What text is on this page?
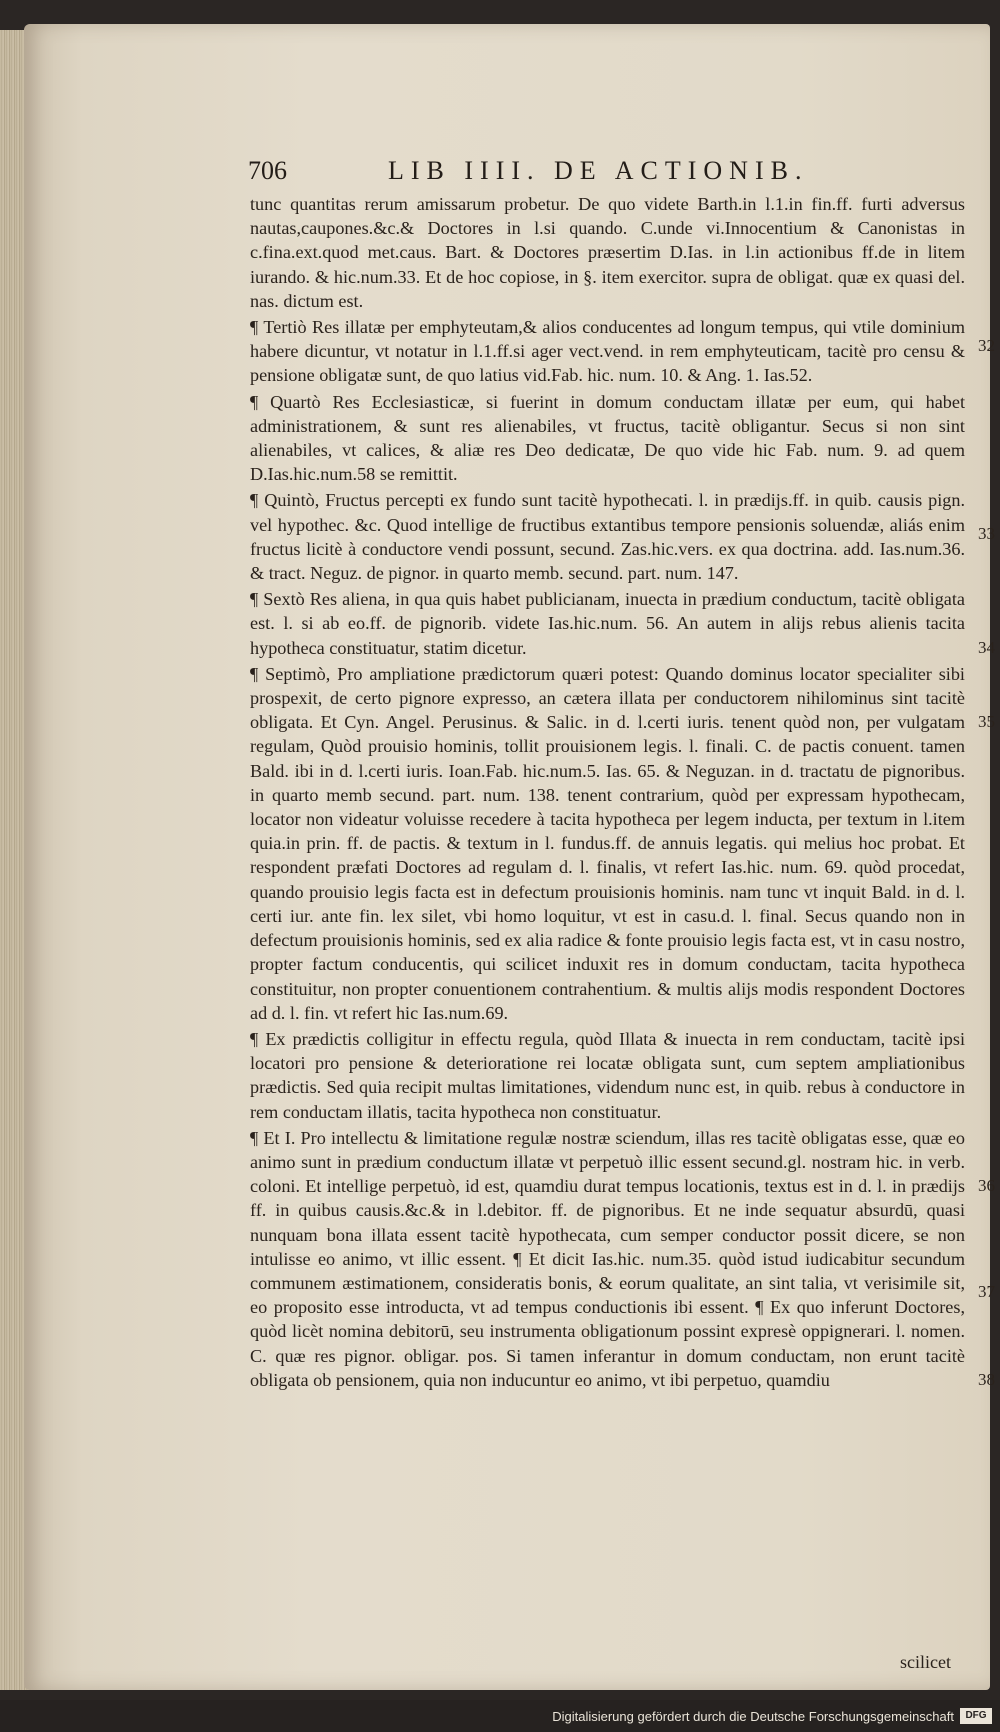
706	LIB IIII. DE ACTIONIB.

tunc quantitas rerum amissarum probetur. De quo videte Barth.in l.1.in fin.ff. furti adversus nautas,caupones.&c.& Doctores in l.si quando. C.unde vi.Innocentium & Canonistas in c.fina.ext.quod met.caus. Bart. & Doctores præsertim D.Ias. in l.in actionibus ff.de in litem iurando. & hic.num.33. Et de hoc copiose, in §. item exercitor. supra de obligat. quæ ex quasi del. nas. dictum est.

¶ Tertiò Res illatæ per emphyteutam,& alios conducentes ad longum tempus, qui vtile dominium habere dicuntur, vt notatur in l.1.ff.si ager vect.vend. in rem emphyteuticam, tacitè pro censu & pensione obligatæ sunt, de quo latius vid.Fab. hic. num. 10. & Ang. 1. Ias.52.

¶ Quartò Res Ecclesiasticæ, si fuerint in domum conductam illatæ per eum, qui habet administrationem, & sunt res alienabiles, vt fructus, tacitè obligantur. Secus si non sint alienabiles, vt calices, & aliæ res Deo dedicatæ, De quo vide hic Fab. num. 9. ad quem D.Ias.hic.num.58 se remittit.

¶ Quintò, Fructus percepti ex fundo sunt tacitè hypothecati. l. in prædijs.ff. in quib. causis pign. vel hypothec. &c. Quod intellige de fructibus extantibus tempore pensionis soluendæ, aliás enim fructus licitè à conductore vendi possunt, secund. Zas.hic.vers. ex qua doctrina. add. Ias.num.36. & tract. Neguz. de pignor. in quarto memb. secund. part. num. 147.

¶ Sextò Res aliena, in qua quis habet publicianam, inuecta in prædium conductum, tacitè obligata est. l. si ab eo.ff. de pignorib. videte Ias.hic.num. 56. An autem in alijs rebus alienis tacita hypotheca constituatur, statim dicetur.

¶ Septimò, Pro ampliatione prædictorum quæri potest: Quando dominus locator specialiter sibi prospexit, de certo pignore expresso, an cætera illata per conductorem nihilominus sint tacitè obligata. Et Cyn. Angel. Perusinus. & Salic. in d. l.certi iuris. tenent quòd non, per vulgatam regulam, Quòd prouisio hominis, tollit prouisionem legis. l. finali. C. de pactis conuent. tamen Bald. ibi in d. l.certi iuris. Ioan.Fab. hic.num.5. Ias. 65. & Neguzan. in d. tractatu de pignoribus. in quarto memb secund. part. num. 138. tenent contrarium, quòd per expressam hypothecam, locator non videatur voluisse recedere à tacita hypotheca per legem inducta, per textum in l.item quia.in prin. ff. de pactis. & textum in l. fundus.ff. de annuis legatis. qui melius hoc probat. Et respondent præfati Doctores ad regulam d. l. finalis, vt refert Ias.hic. num. 69. quòd procedat, quando prouisio legis facta est in defectum prouisionis hominis. nam tunc vt inquit Bald. in d. l. certi iur. ante fin. lex silet, vbi homo loquitur, vt est in casu.d. l. final. Secus quando non in defectum prouisionis hominis, sed ex alia radice & fonte prouisio legis facta est, vt in casu nostro, propter factum conducentis, qui scilicet induxit res in domum conductam, tacita hypotheca constituitur, non propter conuentionem contrahentium. & multis alijs modis respondent Doctores ad d. l. fin. vt refert hic Ias.num.69.

¶ Ex prædictis colligitur in effectu regula, quòd Illata & inuecta in rem conductam, tacitè ipsi locatori pro pensione & deterioratione rei locatæ obligata sunt, cum septem ampliationibus prædictis. Sed quia recipit multas limitationes, videndum nunc est, in quib. rebus à conductore in rem conductam illatis, tacita hypotheca non constituatur.

¶ Et I. Pro intellectu & limitatione regulæ nostræ sciendum, illas res tacitè obligatas esse, quæ eo animo sunt in prædium conductum illatæ vt perpetuò illic essent secund.gl. nostram hic. in verb. coloni. Et intellige perpetuò, id est, quamdiu durat tempus locationis, textus est in d. l. in prædijs ff. in quibus causis.&c.& in l.debitor. ff. de pignoribus. Et ne inde sequatur absurdū, quasi nunquam bona illata essent tacitè hypothecata, cum semper conductor possit dicere, se non intulisse eo animo, vt illic essent. ¶ Et dicit Ias.hic. num.35. quòd istud iudicabitur secundum communem æstimationem, consideratis bonis, & eorum qualitate, an sint talia, vt verisimile sit, eo proposito esse introducta, vt ad tempus conductionis ibi essent. ¶ Ex quo inferunt Doctores, quòd licèt nomina debitorū, seu instrumenta obligationum possint expresè oppignerari. l. nomen. C. quæ res pignor. obligar. pos. Si tamen inferantur in domum conductam, non erunt tacitè obligata ob pensionem, quia non inducuntur eo animo, vt ibi perpetuo, quamdiu

32
33
34
35
36
37
38
scilicet
Digitalisierung gefördert durch die Deutsche Forschungsgemeinschaft	DFG
